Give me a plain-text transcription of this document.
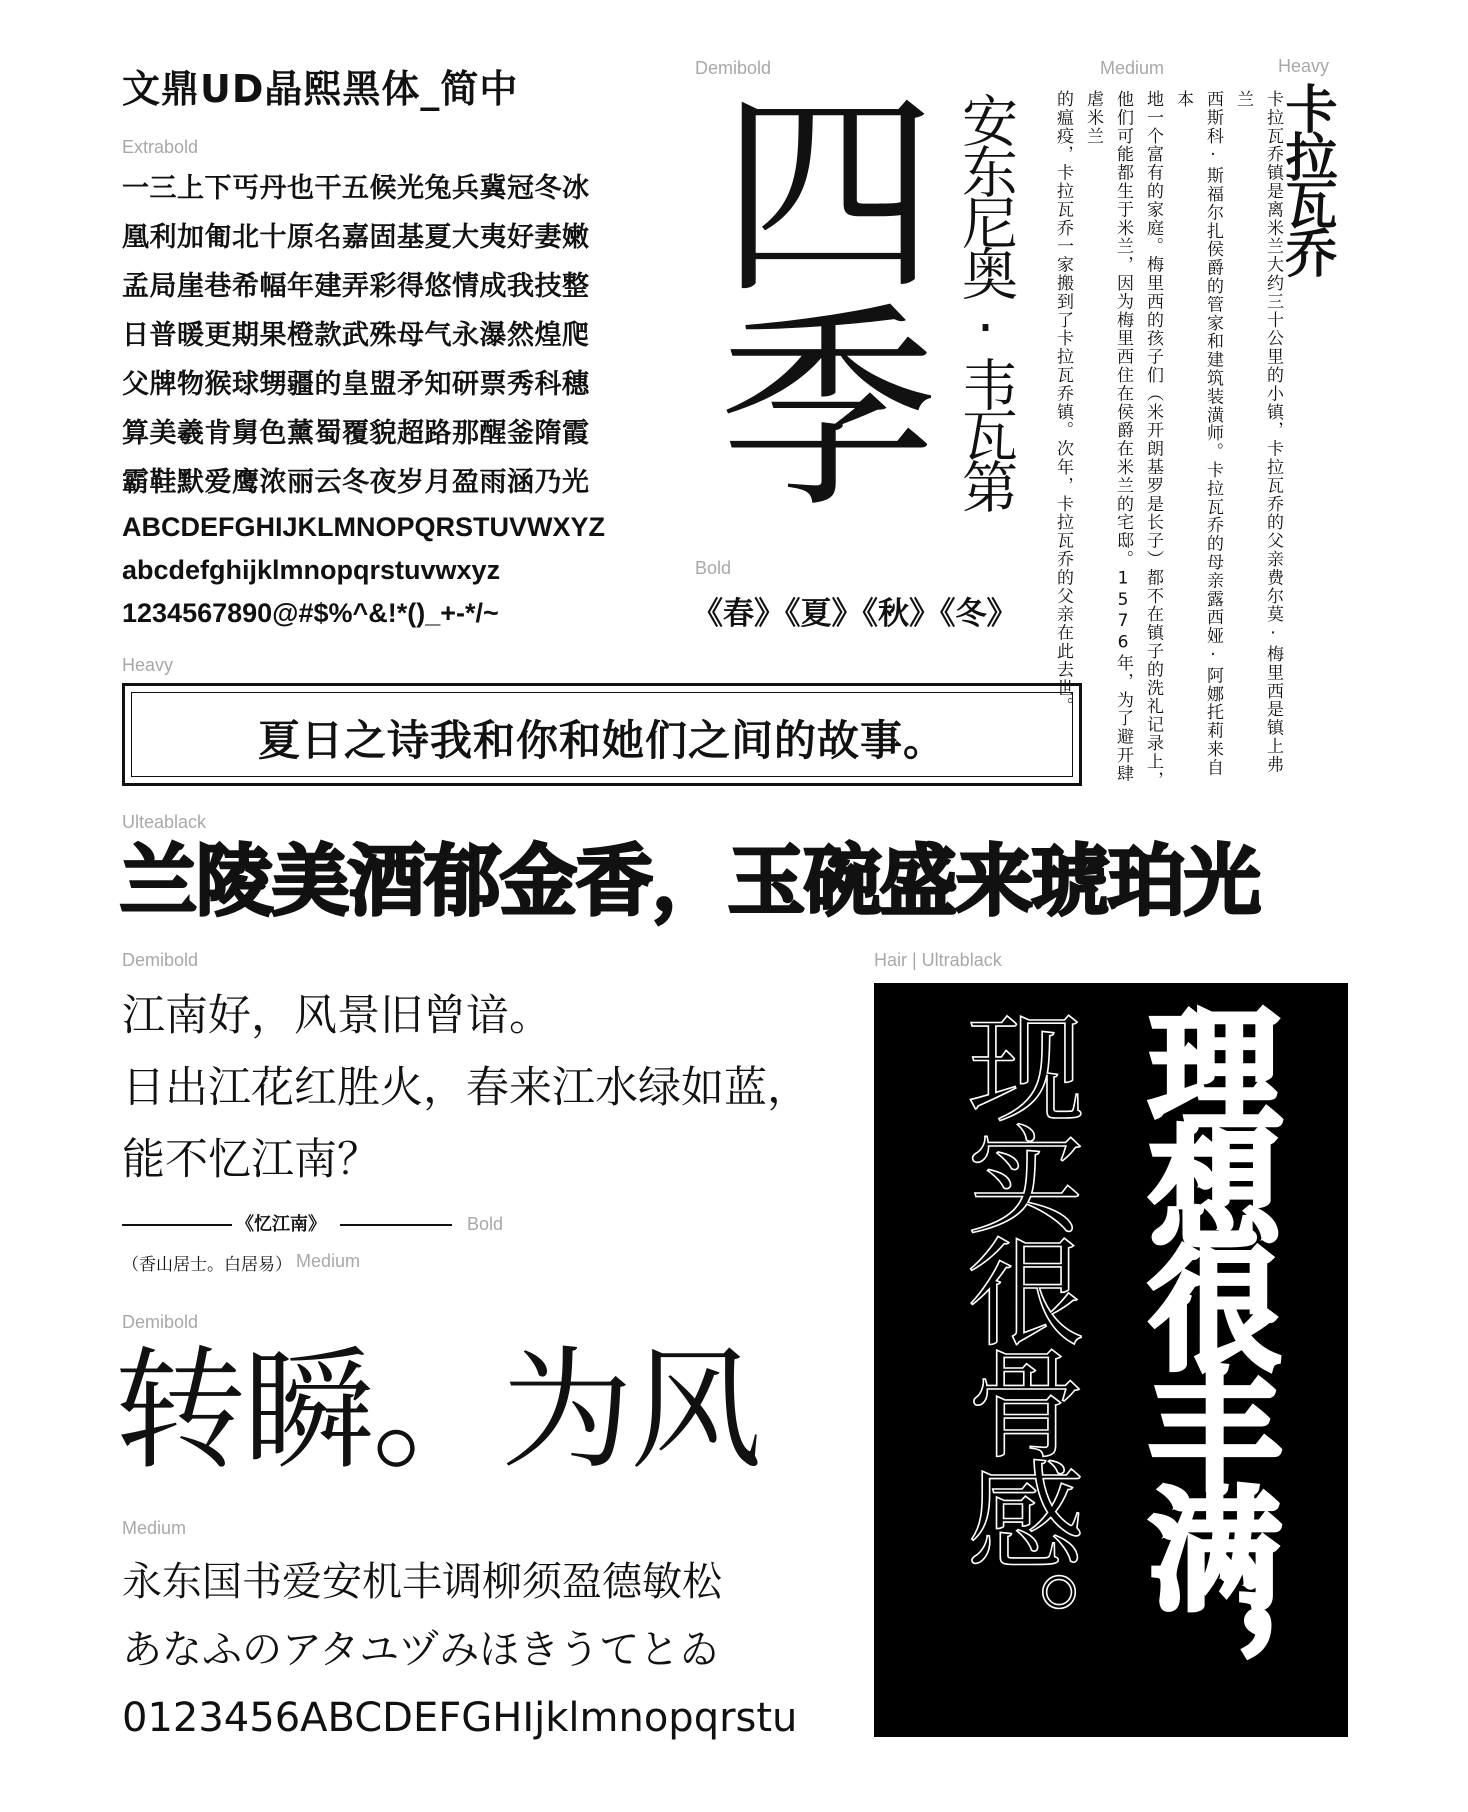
文鼎UD晶熙黑体_简中
Extrabold
一三上下丐丹也干五候光兔兵冀冠冬冰
凰利加匍北十原名嘉固基夏大夷好妻嫩
孟局崖巷希幅年建弄彩得悠情成我技整
日普暖更期果橙款武殊母气永瀑然煌爬
父牌物猴球甥疆的皇盟矛知研票秀科穗
算美羲肯舅色薰蜀覆貌超路那醒釜隋霞
霸鞋默爱鹰浓丽云冬夜岁月盈雨涵乃光
ABCDEFGHIJKLMNOPQRSTUVWXYZ
abcdefghijklmnopqrstuvwxyz
1234567890@#$%^&!*()_+-*/~
Demibold
四季 安东尼奥·韦瓦第
Bold
《春》《夏》《秋》《冬》
Medium	Heavy
卡拉瓦乔镇是离米兰大约三十公里的小镇，卡拉瓦乔的父亲费尔莫·梅里西是镇上弗兰
西斯科·斯福尔扎侯爵的管家和建筑装潢师。卡拉瓦乔的母亲露西娅·阿娜托莉来自本
地一个富有的家庭。梅里西的孩子们（米开朗基罗是长子）都不在镇子的洗礼记录上，
他们可能都生于米兰，因为梅里西住在侯爵在米兰的宅邸。1576年，为了避开肆虐米兰
的瘟疫，卡拉瓦乔一家搬到了卡拉瓦乔镇。次年，卡拉瓦乔的父亲在此去世。	卡拉瓦乔
Heavy
夏日之诗我和你和她们之间的故事。
Ulteablack
兰陵美酒郁金香，玉碗盛来琥珀光
Demibold
江南好，风景旧曾谙。
日出江花红胜火，春来江水绿如蓝，
能不忆江南？
《忆江南》	Bold
（香山居士。白居易） Medium
Demibold
转瞬。为风
Medium
永东国书爱安机丰调柳须盈德敏松
あなふのアタユヅみほきうてとゐ
0123456ABCDEFGHIjklmnopqrstu
Hair | Ultrablack
现实很骨感。 理想很丰满，
